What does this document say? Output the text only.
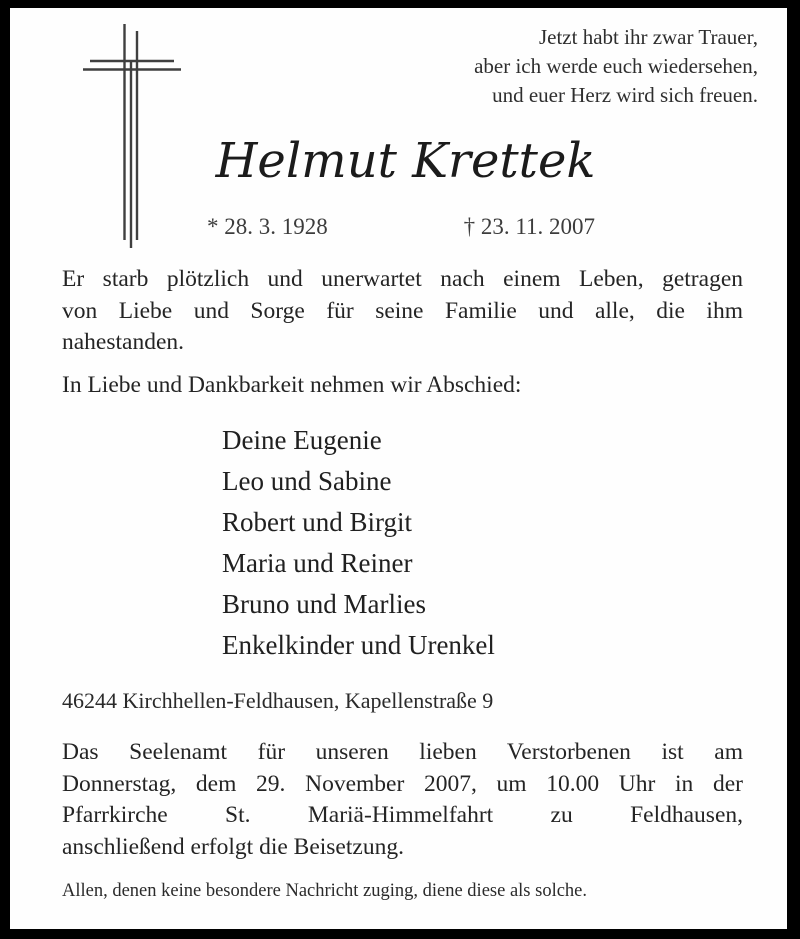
Jetzt habt ihr zwar Trauer,
aber ich werde euch wiedersehen,
und euer Herz wird sich freuen.
Helmut Krettek
* 28. 3. 1928	† 23. 11. 2007
Er starb plötzlich und unerwartet nach einem Leben, getragen
von Liebe und Sorge für seine Familie und alle, die ihm
nahestanden.
In Liebe und Dankbarkeit nehmen wir Abschied:
Deine Eugenie
Leo und Sabine
Robert und Birgit
Maria und Reiner
Bruno und Marlies
Enkelkinder und Urenkel
46244 Kirchhellen-Feldhausen, Kapellenstraße 9
Das Seelenamt für unseren lieben Verstorbenen ist am
Donnerstag, dem 29. November 2007, um 10.00 Uhr in der
Pfarrkirche St. Mariä-Himmelfahrt zu Feldhausen,
anschließend erfolgt die Beisetzung.
Allen, denen keine besondere Nachricht zuging, diene diese als solche.
